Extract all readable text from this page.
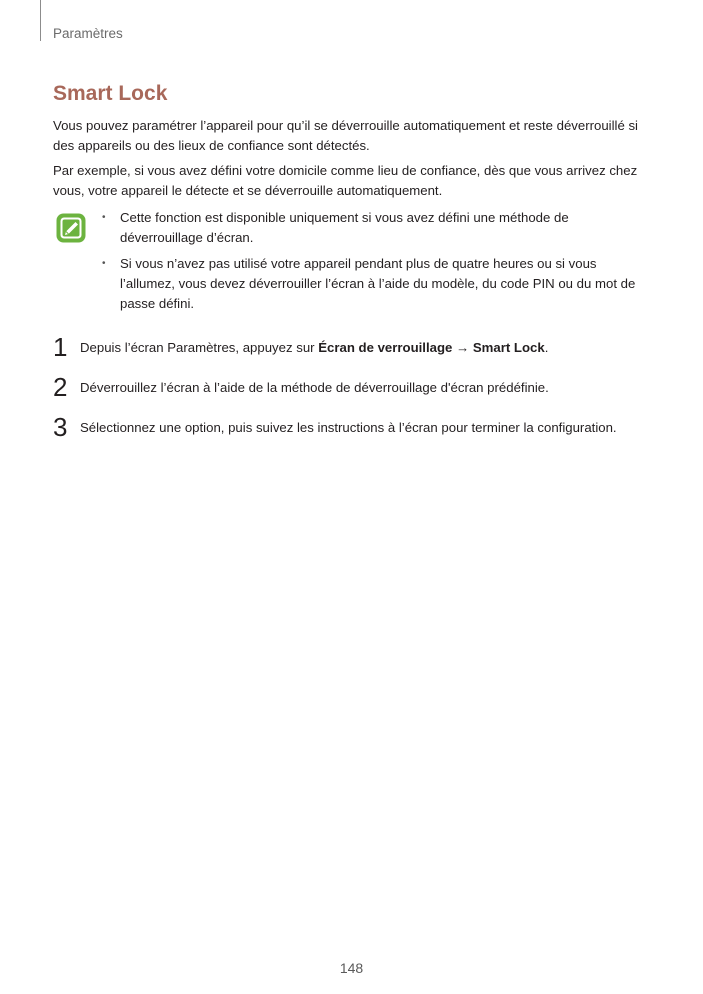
Paramètres
Smart Lock

Vous pouvez paramétrer l’appareil pour qu’il se déverrouille automatiquement et reste déverrouillé si des appareils ou des lieux de confiance sont détectés.

Par exemple, si vous avez défini votre domicile comme lieu de confiance, dès que vous arrivez chez vous, votre appareil le détecte et se déverrouille automatiquement.

• Cette fonction est disponible uniquement si vous avez défini une méthode de déverrouillage d’écran.
• Si vous n’avez pas utilisé votre appareil pendant plus de quatre heures ou si vous l’allumez, vous devez déverrouiller l’écran à l’aide du modèle, du code PIN ou du mot de passe défini.
1 Depuis l’écran Paramètres, appuyez sur Écran de verrouillage → Smart Lock.
2 Déverrouillez l’écran à l’aide de la méthode de déverrouillage d'écran prédéfinie.
3 Sélectionnez une option, puis suivez les instructions à l’écran pour terminer la configuration.
148
